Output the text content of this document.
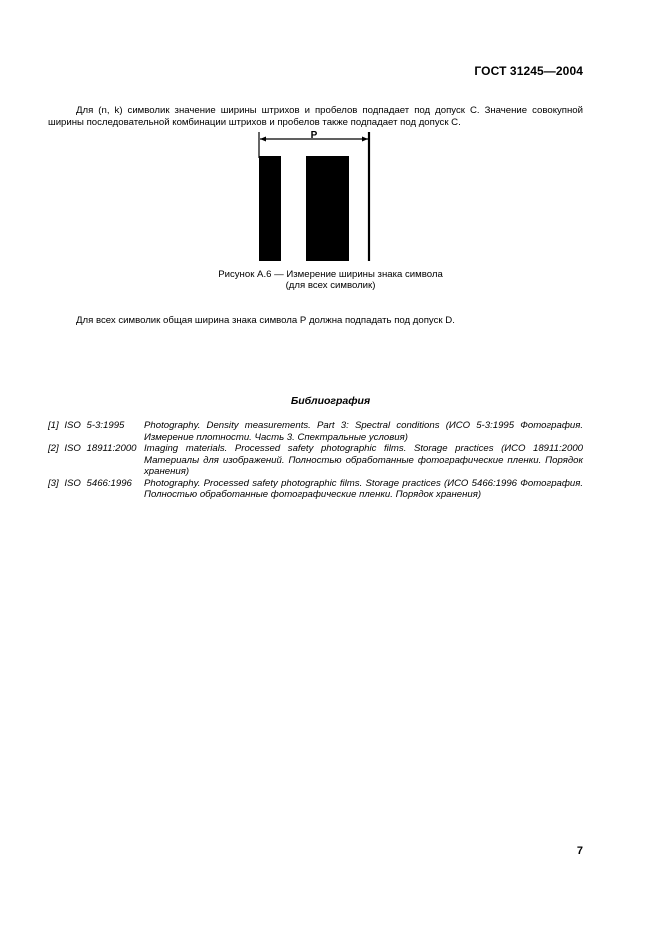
ГОСТ 31245—2004

Для (n, k) символик значение ширины штрихов и пробелов подпадает под допуск С. Значение совокупной ширины последовательной комбинации штрихов и пробелов также подпадает под допуск С.

P
Рисунок А.6 — Измерение ширины знака символа
(для всех символик)

Для всех символик общая ширина знака символа Р должна подпадать под допуск D.

Библиография
[1] ISO 5-3:1995	Photography. Density measurements. Part 3: Spectral conditions (ИСО 5-3:1995 Фотография. Измерение плотности. Часть 3. Спектральные условия)
[2] ISO 18911:2000 Imaging materials. Processed safety photographic films. Storage practices (ИСО 18911:2000 Материалы для изображений. Полностью обработанные фотографические пленки. Порядок хранения)
[3] ISO 5466:1996	Photography. Processed safety photographic films. Storage practices (ИСО 5466:1996 Фотография. Полностью обработанные фотографические пленки. Порядок хранения)
7
